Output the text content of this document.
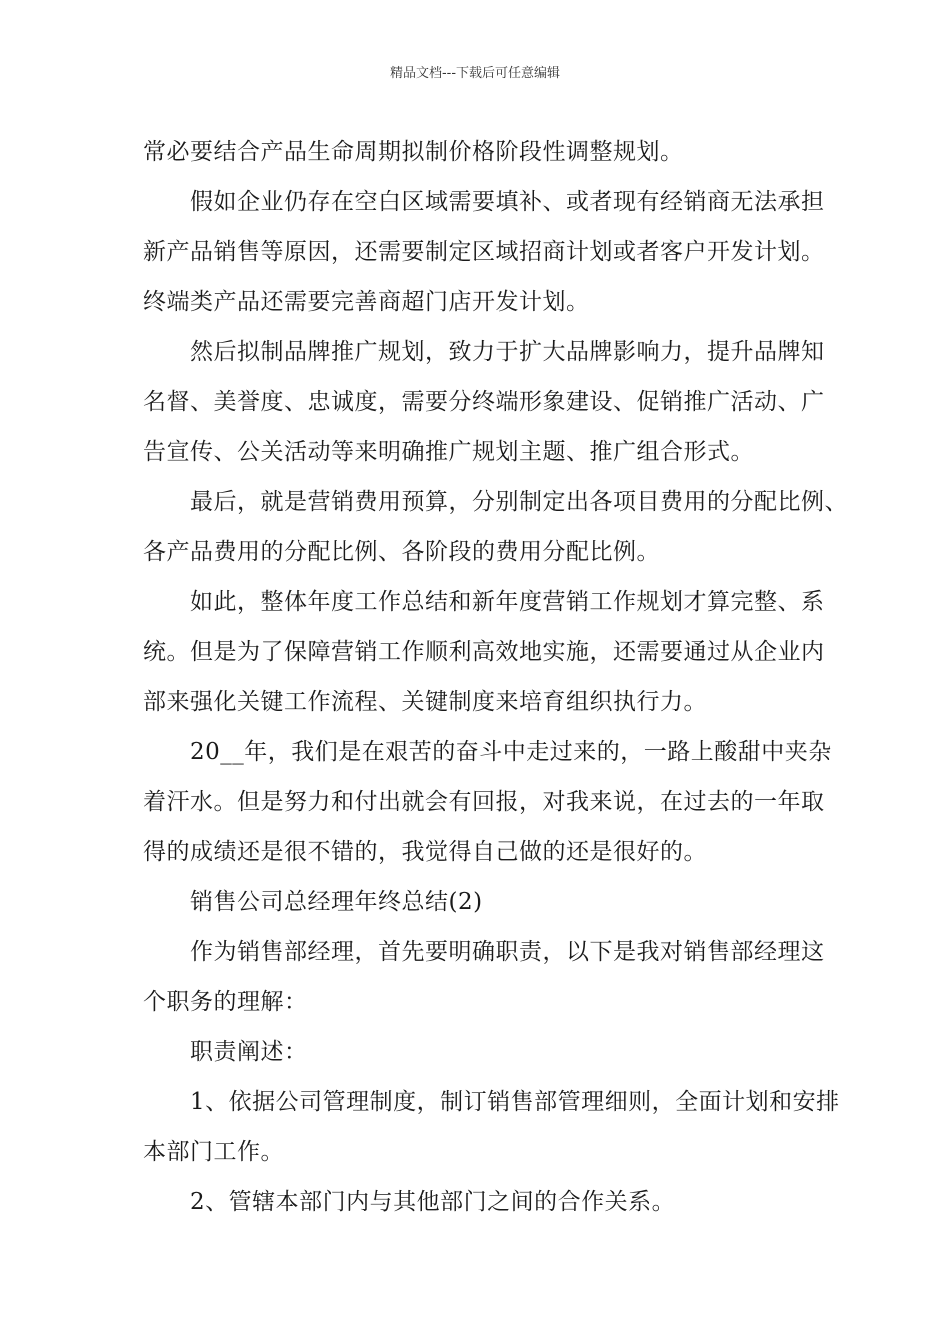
精品文档---下载后可任意编辑
常必要结合产品生命周期拟制价格阶段性调整规划。
假如企业仍存在空白区域需要填补、或者现有经销商无法承担
新产品销售等原因，还需要制定区域招商计划或者客户开发计划。
终端类产品还需要完善商超门店开发计划。
然后拟制品牌推广规划，致力于扩大品牌影响力，提升品牌知
名督、美誉度、忠诚度，需要分终端形象建设、促销推广活动、广
告宣传、公关活动等来明确推广规划主题、推广组合形式。
最后，就是营销费用预算，分别制定出各项目费用的分配比例、
各产品费用的分配比例、各阶段的费用分配比例。
如此，整体年度工作总结和新年度营销工作规划才算完整、系
统。但是为了保障营销工作顺利高效地实施，还需要通过从企业内
部来强化关键工作流程、关键制度来培育组织执行力。
20__年，我们是在艰苦的奋斗中走过来的，一路上酸甜中夹杂
着汗水。但是努力和付出就会有回报，对我来说，在过去的一年取
得的成绩还是很不错的，我觉得自己做的还是很好的。
销售公司总经理年终总结(2)
作为销售部经理，首先要明确职责，以下是我对销售部经理这
个职务的理解：
职责阐述：
1、依据公司管理制度，制订销售部管理细则，全面计划和安排
本部门工作。
2、管辖本部门内与其他部门之间的合作关系。
